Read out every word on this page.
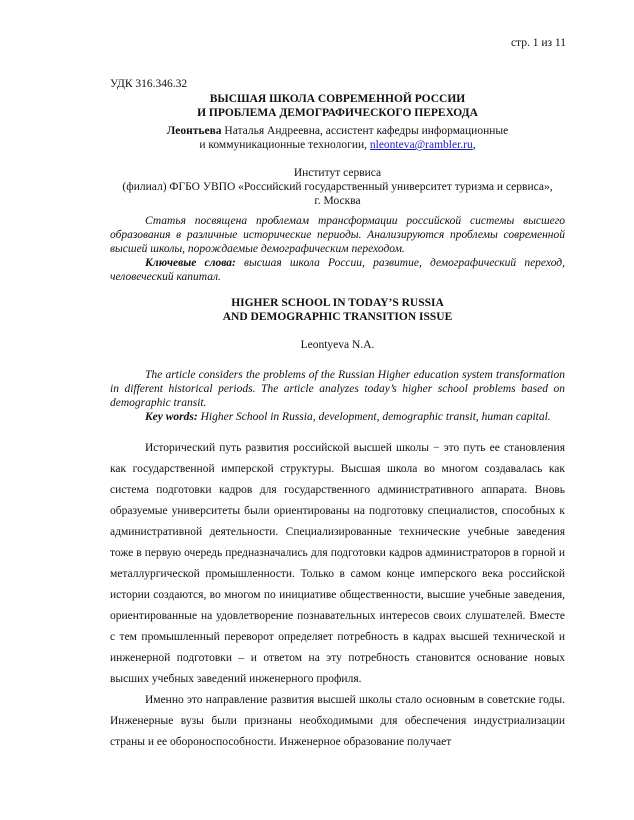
стр. 1 из 11
УДК 316.346.32
ВЫСШАЯ ШКОЛА СОВРЕМЕННОЙ РОССИИ
И ПРОБЛЕМА ДЕМОГРАФИЧЕСКОГО ПЕРЕХОДА
Леонтьева Наталья Андреевна, ассистент кафедры информационные
и коммуникационные технологии, nleonteva@rambler.ru,
Институт сервиса
(филиал) ФГБО УВПО «Российский государственный университет туризма и сервиса»,
г. Москва
Статья посвящена проблемам трансформации российской системы высшего образования в различные исторические периоды. Анализируются проблемы современной высшей школы, порождаемые демографическим переходом.
Ключевые слова: высшая школа России, развитие, демографический переход, человеческий капитал.
HIGHER SCHOOL IN TODAY’S RUSSIA
AND DEMOGRAPHIC TRANSITION ISSUE
Leontyeva N.A.
The article considers the problems of the Russian Higher education system transformation in different historical periods. The article analyzes today’s higher school problems based on demographic transit.
Key words: Higher School in Russia, development, demographic transit, human capital.

Исторический путь развития российской высшей школы − это путь ее становления как государственной имперской структуры. Высшая школа во многом создавалась как система подготовки кадров для государственного административного аппарата. Вновь образуемые университеты были ориентированы на подготовку специалистов, способных к административной деятельности. Специализированные технические учебные заведения тоже в первую очередь предназначались для подготовки кадров администраторов в горной и металлургической промышленности. Только в самом конце имперского века российской истории создаются, во многом по инициативе общественности, высшие учебные заведения, ориентированные на удовлетворение познавательных интересов своих слушателей. Вместе с тем промышленный переворот определяет потребность в кадрах высшей технической и инженерной подготовки – и ответом на эту потребность становится основание новых высших учебных заведений инженерного профиля.

Именно это направление развития высшей школы стало основным в советские годы. Инженерные вузы были признаны необходимыми для обеспечения индустриализации страны и ее обороноспособности. Инженерное образование получает
